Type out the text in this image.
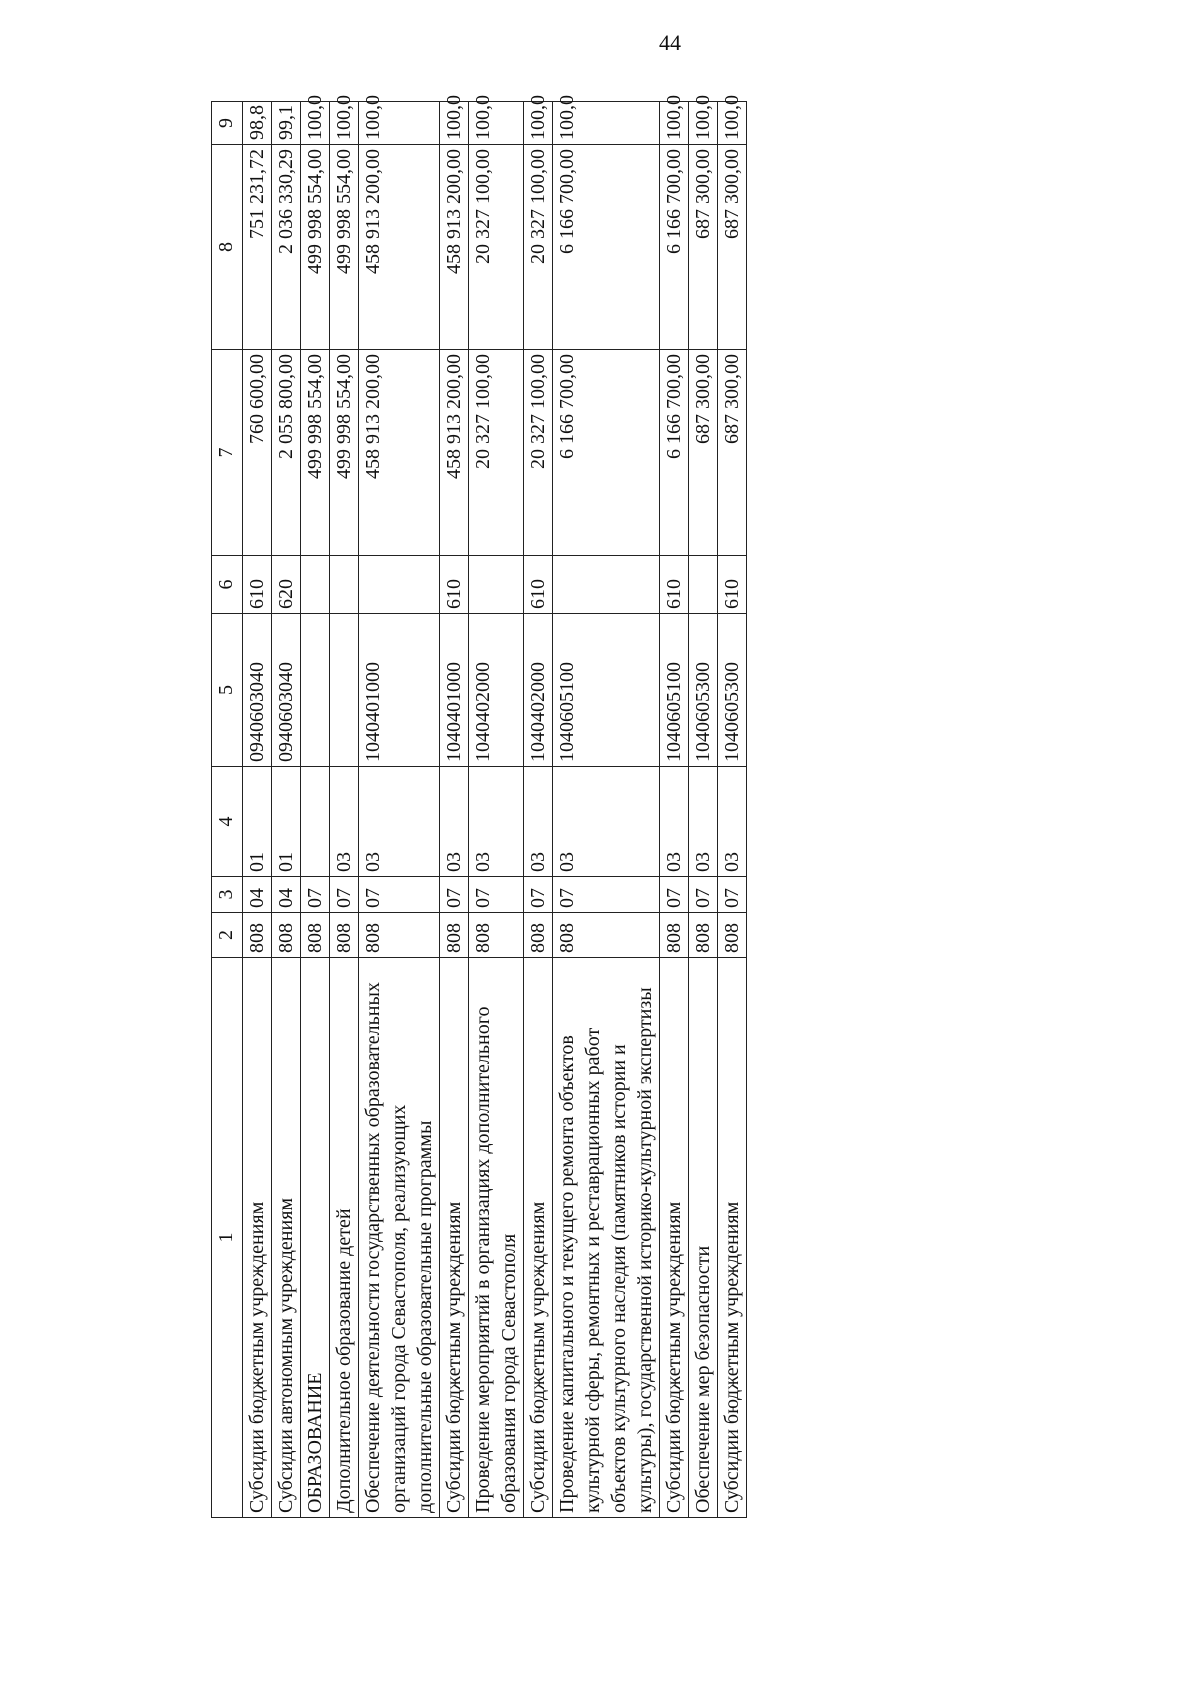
44
1	2	3	4	5	6	7	8	9
Субсидии бюджетным учреждениям	808	04	01	0940603040	610	760 600,00	751 231,72	98,8
Субсидии автономным учреждениям	808	04	01	0940603040	620	2 055 800,00	2 036 330,29	99,1
ОБРАЗОВАНИЕ	808	07				499 998 554,00	499 998 554,00	100,0
Дополнительное образование детей	808	07	03			499 998 554,00	499 998 554,00	100,0
Обеспечение деятельности государственных образовательных организаций города Севастополя, реализующих дополнительные образовательные программы	808	07	03	1040401000		458 913 200,00	458 913 200,00	100,0
Субсидии бюджетным учреждениям	808	07	03	1040401000	610	458 913 200,00	458 913 200,00	100,0
Проведение мероприятий в организациях дополнительного образования города Севастополя	808	07	03	1040402000		20 327 100,00	20 327 100,00	100,0
Субсидии бюджетным учреждениям	808	07	03	1040402000	610	20 327 100,00	20 327 100,00	100,0
Проведение капитального и текущего ремонта объектов культурной сферы, ремонтных и реставрационных работ объектов культурного наследия (памятников истории и культуры), государственной историко-культурной экспертизы	808	07	03	1040605100		6 166 700,00	6 166 700,00	100,0
Субсидии бюджетным учреждениям	808	07	03	1040605100	610	6 166 700,00	6 166 700,00	100,0
Обеспечение мер безопасности	808	07	03	1040605300		687 300,00	687 300,00	100,0
Субсидии бюджетным учреждениям	808	07	03	1040605300	610	687 300,00	687 300,00	100,0
